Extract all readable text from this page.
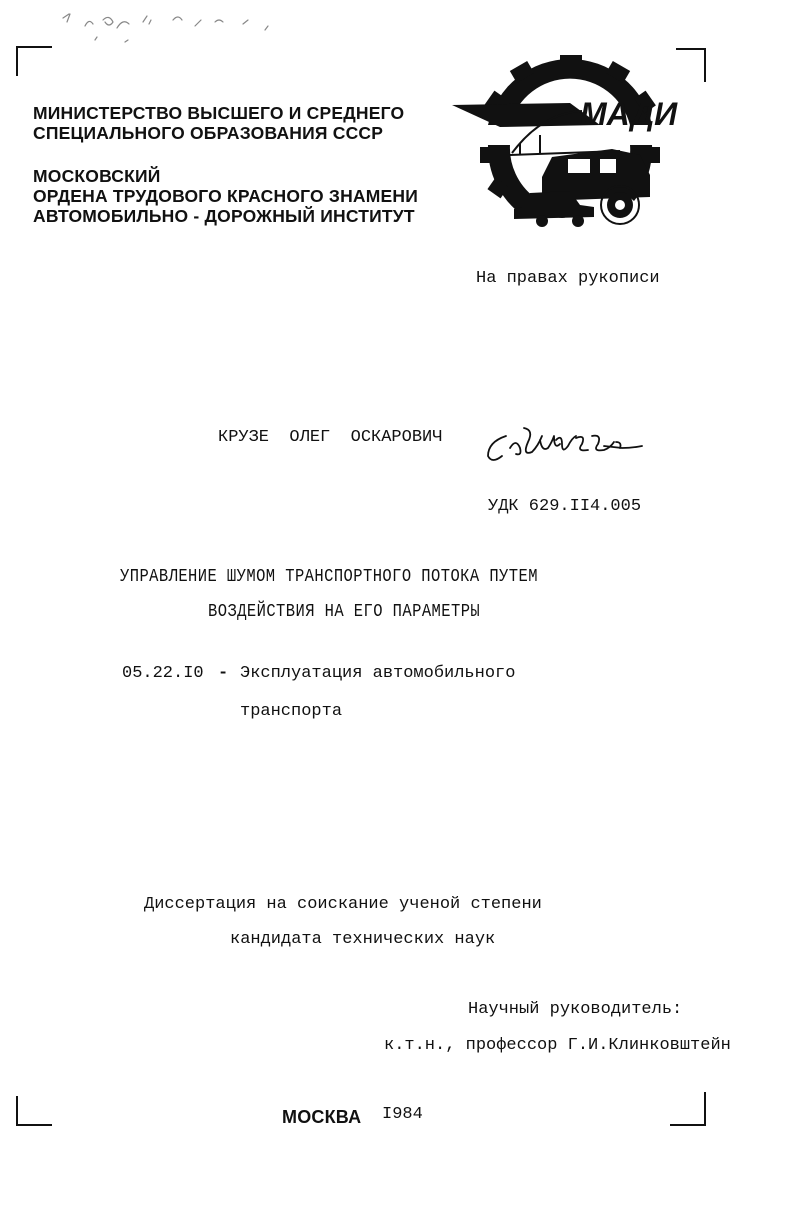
МИНИСТЕРСТВО ВЫСШЕГО И СРЕДНЕГО
СПЕЦИАЛЬНОГО ОБРАЗОВАНИЯ СССР
МОСКОВСКИЙ
ОРДЕНА ТРУДОВОГО КРАСНОГО ЗНАМЕНИ
АВТОМОБИЛЬНО - ДОРОЖНЫЙ ИНСТИТУТ
МАДИ
На правах рукописи
КРУЗЕ  ОЛЕГ  ОСКАРОВИЧ
УДК 629.II4.005
УПРАВЛЕНИЕ ШУМОМ ТРАНСПОРТНОГО ПОТОКА ПУТЕМ
ВОЗДЕЙСТВИЯ НА ЕГО ПАРАМЕТРЫ
05.22.I0 - Эксплуатация автомобильного
транспорта
Диссертация на соискание ученой степени
кандидата технических наук
Научный руководитель:
к.т.н., профессор Г.И.Клинковштейн
МОСКВА I984
